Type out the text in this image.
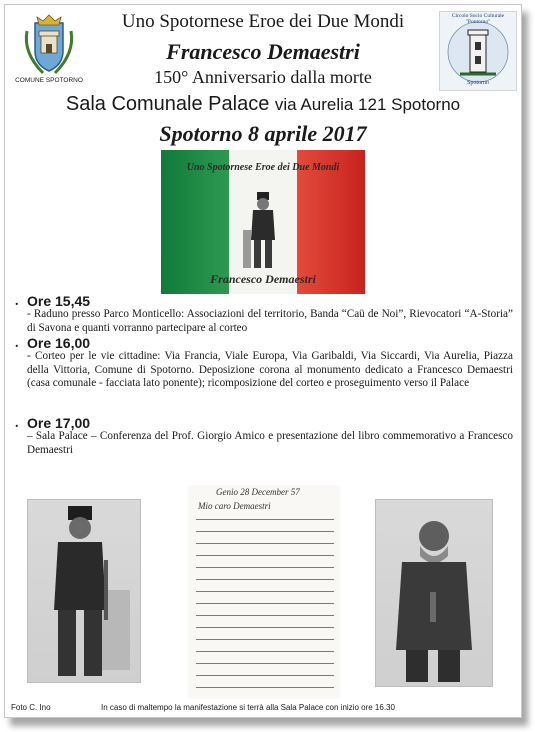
COMUNE SPOTORNO
Circolo Socio Culturale "Pontorno"
Spotorno
Uno Spotornese Eroe dei Due Mondi
Francesco Demaestri
150° Anniversario dalla morte
Sala Comunale Palace via Aurelia 121 Spotorno
Spotorno 8 aprile 2017
Uno Spotornese Eroe dei Due Mondi
Francesco Demaestri
. Ore 15,45
- Raduno presso Parco Monticello: Associazioni del territorio, Banda “Caü de Noi”, Rievocatori “A-Storia” di Savona e quanti vorranno partecipare al corteo
. Ore 16,00
- Corteo per le vie cittadine: Via Francia, Viale Europa, Via Garibaldi, Via Siccardi, Via Aurelia, Piazza della Vittoria, Comune di Spotorno. Deposizione corona al monumento dedicato a Francesco Demaestri (casa comunale - facciata lato ponente); ricomposizione del corteo e proseguimento verso il Palace
. Ore 17,00
– Sala Palace – Conferenza del Prof. Giorgio Amico e presentazione del libro commemorativo a Francesco Demaestri
Genio 28 December 57
Mio caro Demaestri
Foto C. Ino	In caso di maltempo la manifestazione si terrà alla Sala Palace con inizio ore 16.30
